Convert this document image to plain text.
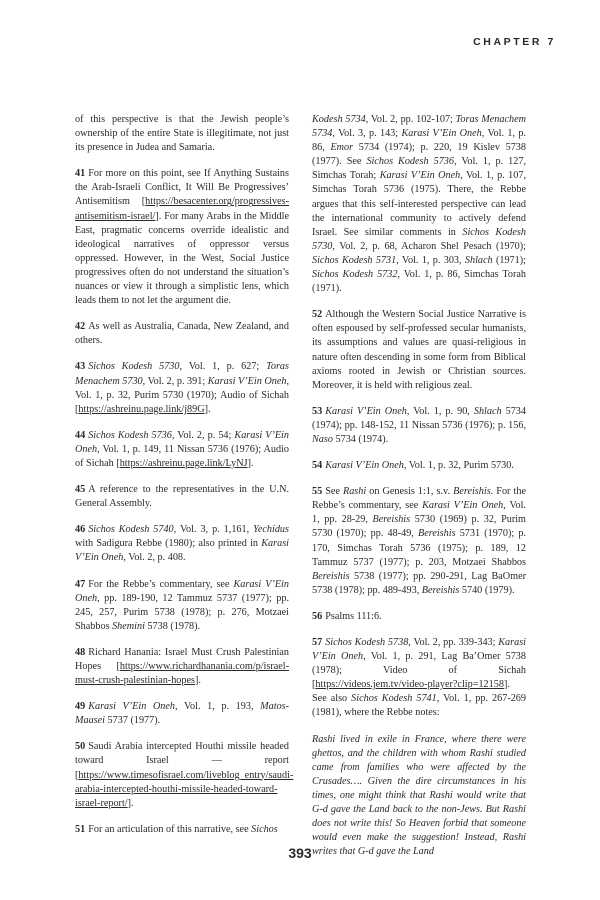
CHAPTER 7

of this perspective is that the Jewish people’s ownership of the entire State is illegitimate, not just its presence in Judea and Samaria.

41 For more on this point, see If Anything Sustains the Arab-Israeli Conflict, It Will Be Progressives’ Antisemitism [https://besacenter.org/progressives-antisemitism-israel/]. For many Arabs in the Middle East, pragmatic concerns override idealistic and ideological narratives of oppressor versus oppressed. However, in the West, Social Justice progressives often do not understand the situation’s nuances or view it through a simplistic lens, which leads them to not let the argument die.

42 As well as Australia, Canada, New Zealand, and others.

43 Sichos Kodesh 5730, Vol. 1, p. 627; Toras Menachem 5730, Vol. 2, p. 391; Karasi V’Ein Oneh, Vol. 1, p. 32, Purim 5730 (1970); Audio of Sichah [https://ashreinu.page.link/j89G].

44 Sichos Kodesh 5736, Vol. 2, p. 54; Karasi V’Ein Oneh, Vol. 1, p. 149, 11 Nissan 5736 (1976); Audio of Sichah [https://ashreinu.page.link/LyNJ].

45 A reference to the representatives in the U.N. General Assembly.

46 Sichos Kodesh 5740, Vol. 3, p. 1,161, Yechidus with Sadigura Rebbe (1980); also printed in Karasi V’Ein Oneh, Vol. 2, p. 408.

47 For the Rebbe’s commentary, see Karasi V’Ein Oneh, pp. 189-190, 12 Tammuz 5737 (1977); pp. 245, 257, Purim 5738 (1978); p. 276, Motzaei Shabbos Shemini 5738 (1978).

48 Richard Hanania: Israel Must Crush Palestinian Hopes [https://www.richardhanania.com/p/israel-must-crush-palestinian-hopes].

49 Karasi V’Ein Oneh, Vol. 1, p. 193, Matos-Maasei 5737 (1977).

50 Saudi Arabia intercepted Houthi missile headed toward Israel — report [https://www.timesofisrael.com/liveblog_entry/saudi-arabia-intercepted-houthi-missile-headed-toward-israel-report/].

51 For an articulation of this narrative, see Sichos

Kodesh 5734, Vol. 2, pp. 102-107; Toras Menachem 5734, Vol. 3, p. 143; Karasi V’Ein Oneh, Vol. 1, p. 86, Emor 5734 (1974); p. 220, 19 Kislev 5738 (1977). See Sichos Kodesh 5736, Vol. 1, p. 127, Simchas Torah; Karasi V’Ein Oneh, Vol. 1, p. 107, Simchas Torah 5736 (1975). There, the Rebbe argues that this self-interested perspective can lead the international community to actively defend Israel. See similar comments in Sichos Kodesh 5730, Vol. 2, p. 68, Acharon Shel Pesach (1970); Sichos Kodesh 5731, Vol. 1, p. 303, Shlach (1971); Sichos Kodesh 5732, Vol. 1, p. 86, Simchas Torah (1971).

52 Although the Western Social Justice Narrative is often espoused by self-professed secular humanists, its assumptions and values are quasi-religious in nature often descending in some form from Biblical axioms rooted in Jewish or Christian sources. Moreover, it is held with religious zeal.

53 Karasi V’Ein Oneh, Vol. 1, p. 90, Shlach 5734 (1974); pp. 148-152, 11 Nissan 5736 (1976); p. 156, Naso 5734 (1974).

54 Karasi V’Ein Oneh, Vol. 1, p. 32, Purim 5730.

55 See Rashi on Genesis 1:1, s.v. Bereishis. For the Rebbe’s commentary, see Karasi V’Ein Oneh, Vol. 1, pp. 28-29, Bereishis 5730 (1969) p. 32, Purim 5730 (1970); pp. 48-49, Bereishis 5731 (1970); p. 170, Simchas Torah 5736 (1975); p. 189, 12 Tammuz 5737 (1977); p. 203, Motzaei Shabbos Bereishis 5738 (1977); pp. 290-291, Lag BaOmer 5738 (1978); pp. 489-493, Bereishis 5740 (1979).

56 Psalms 111:6.

57 Sichos Kodesh 5738, Vol. 2, pp. 339-343; Karasi V’Ein Oneh, Vol. 1, p. 291, Lag Ba’Omer 5738 (1978); Video of Sichah [https://videos.jem.tv/video-player?clip=12158]. See also Sichos Kodesh 5741, Vol. 1, pp. 267-269 (1981), where the Rebbe notes:

Rashi lived in exile in France, where there were ghettos, and the children with whom Rashi studied came from families who were affected by the Crusades…. Given the dire circumstances in his times, one might think that Rashi would write that G-d gave the Land back to the non-Jews. But Rashi does not write this! So Heaven forbid that someone would even make the suggestion! Instead, Rashi writes that G-d gave the Land

393
